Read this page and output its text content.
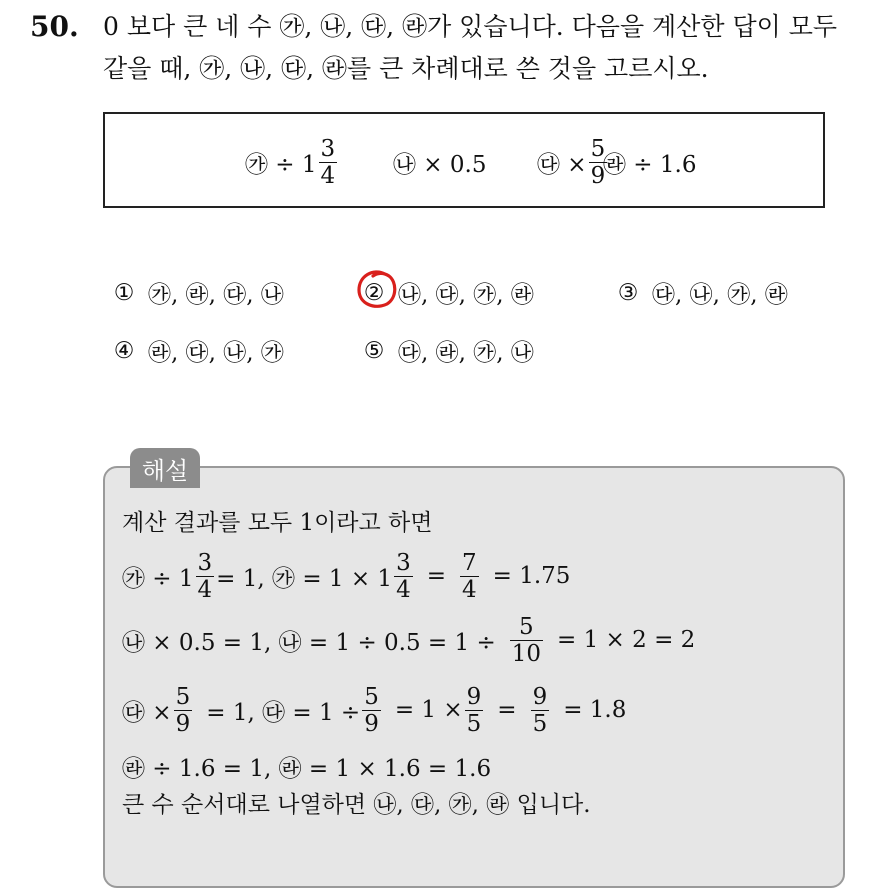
50. 0 보다 큰 네 수 ㉮, ㉯, ㉰, ㉱가 있습니다. 다음을 계산한 답이 모두
같을 때, ㉮, ㉯, ㉰, ㉱를 큰 차례대로 쓴 것을 고르시오.
㉮ ÷ $1 \frac{3}{4}$ ㉯ × 0.5 ㉰ × $\frac{5}{9}$
㉱ ÷ 1.6
① ㉮, ㉱, ㉰, ㉯	② ㉯, ㉰, ㉮, ㉱	③ ㉰, ㉯, ㉮, ㉱
④ ㉱, ㉰, ㉯, ㉮	⑤ ㉰, ㉱, ㉮, ㉯
해설
계산 결과를 모두 1이라고 하면
㉮ ÷ $1 \frac{3}{4} = 1$, ㉮ = $1 \times 1 \frac{3}{4} = \frac{7}{4} = 1.75$
㉯ × 0.5 = 1, ㉯ = $1 \div 0.5 = 1 \div \frac{5}{10} = 1 \times 2 = 2$
㉰ × $\frac{5}{9} = 1$, ㉰ = $1 \div \frac{5}{9} = 1 \times \frac{9}{5} = \frac{9}{5} = 1.8$
㉱ ÷ 1.6 = 1, ㉱ = 1 × 1.6 = 1.6
큰 수 순서대로 나열하면 ㉯, ㉰, ㉮, ㉱ 입니다.
